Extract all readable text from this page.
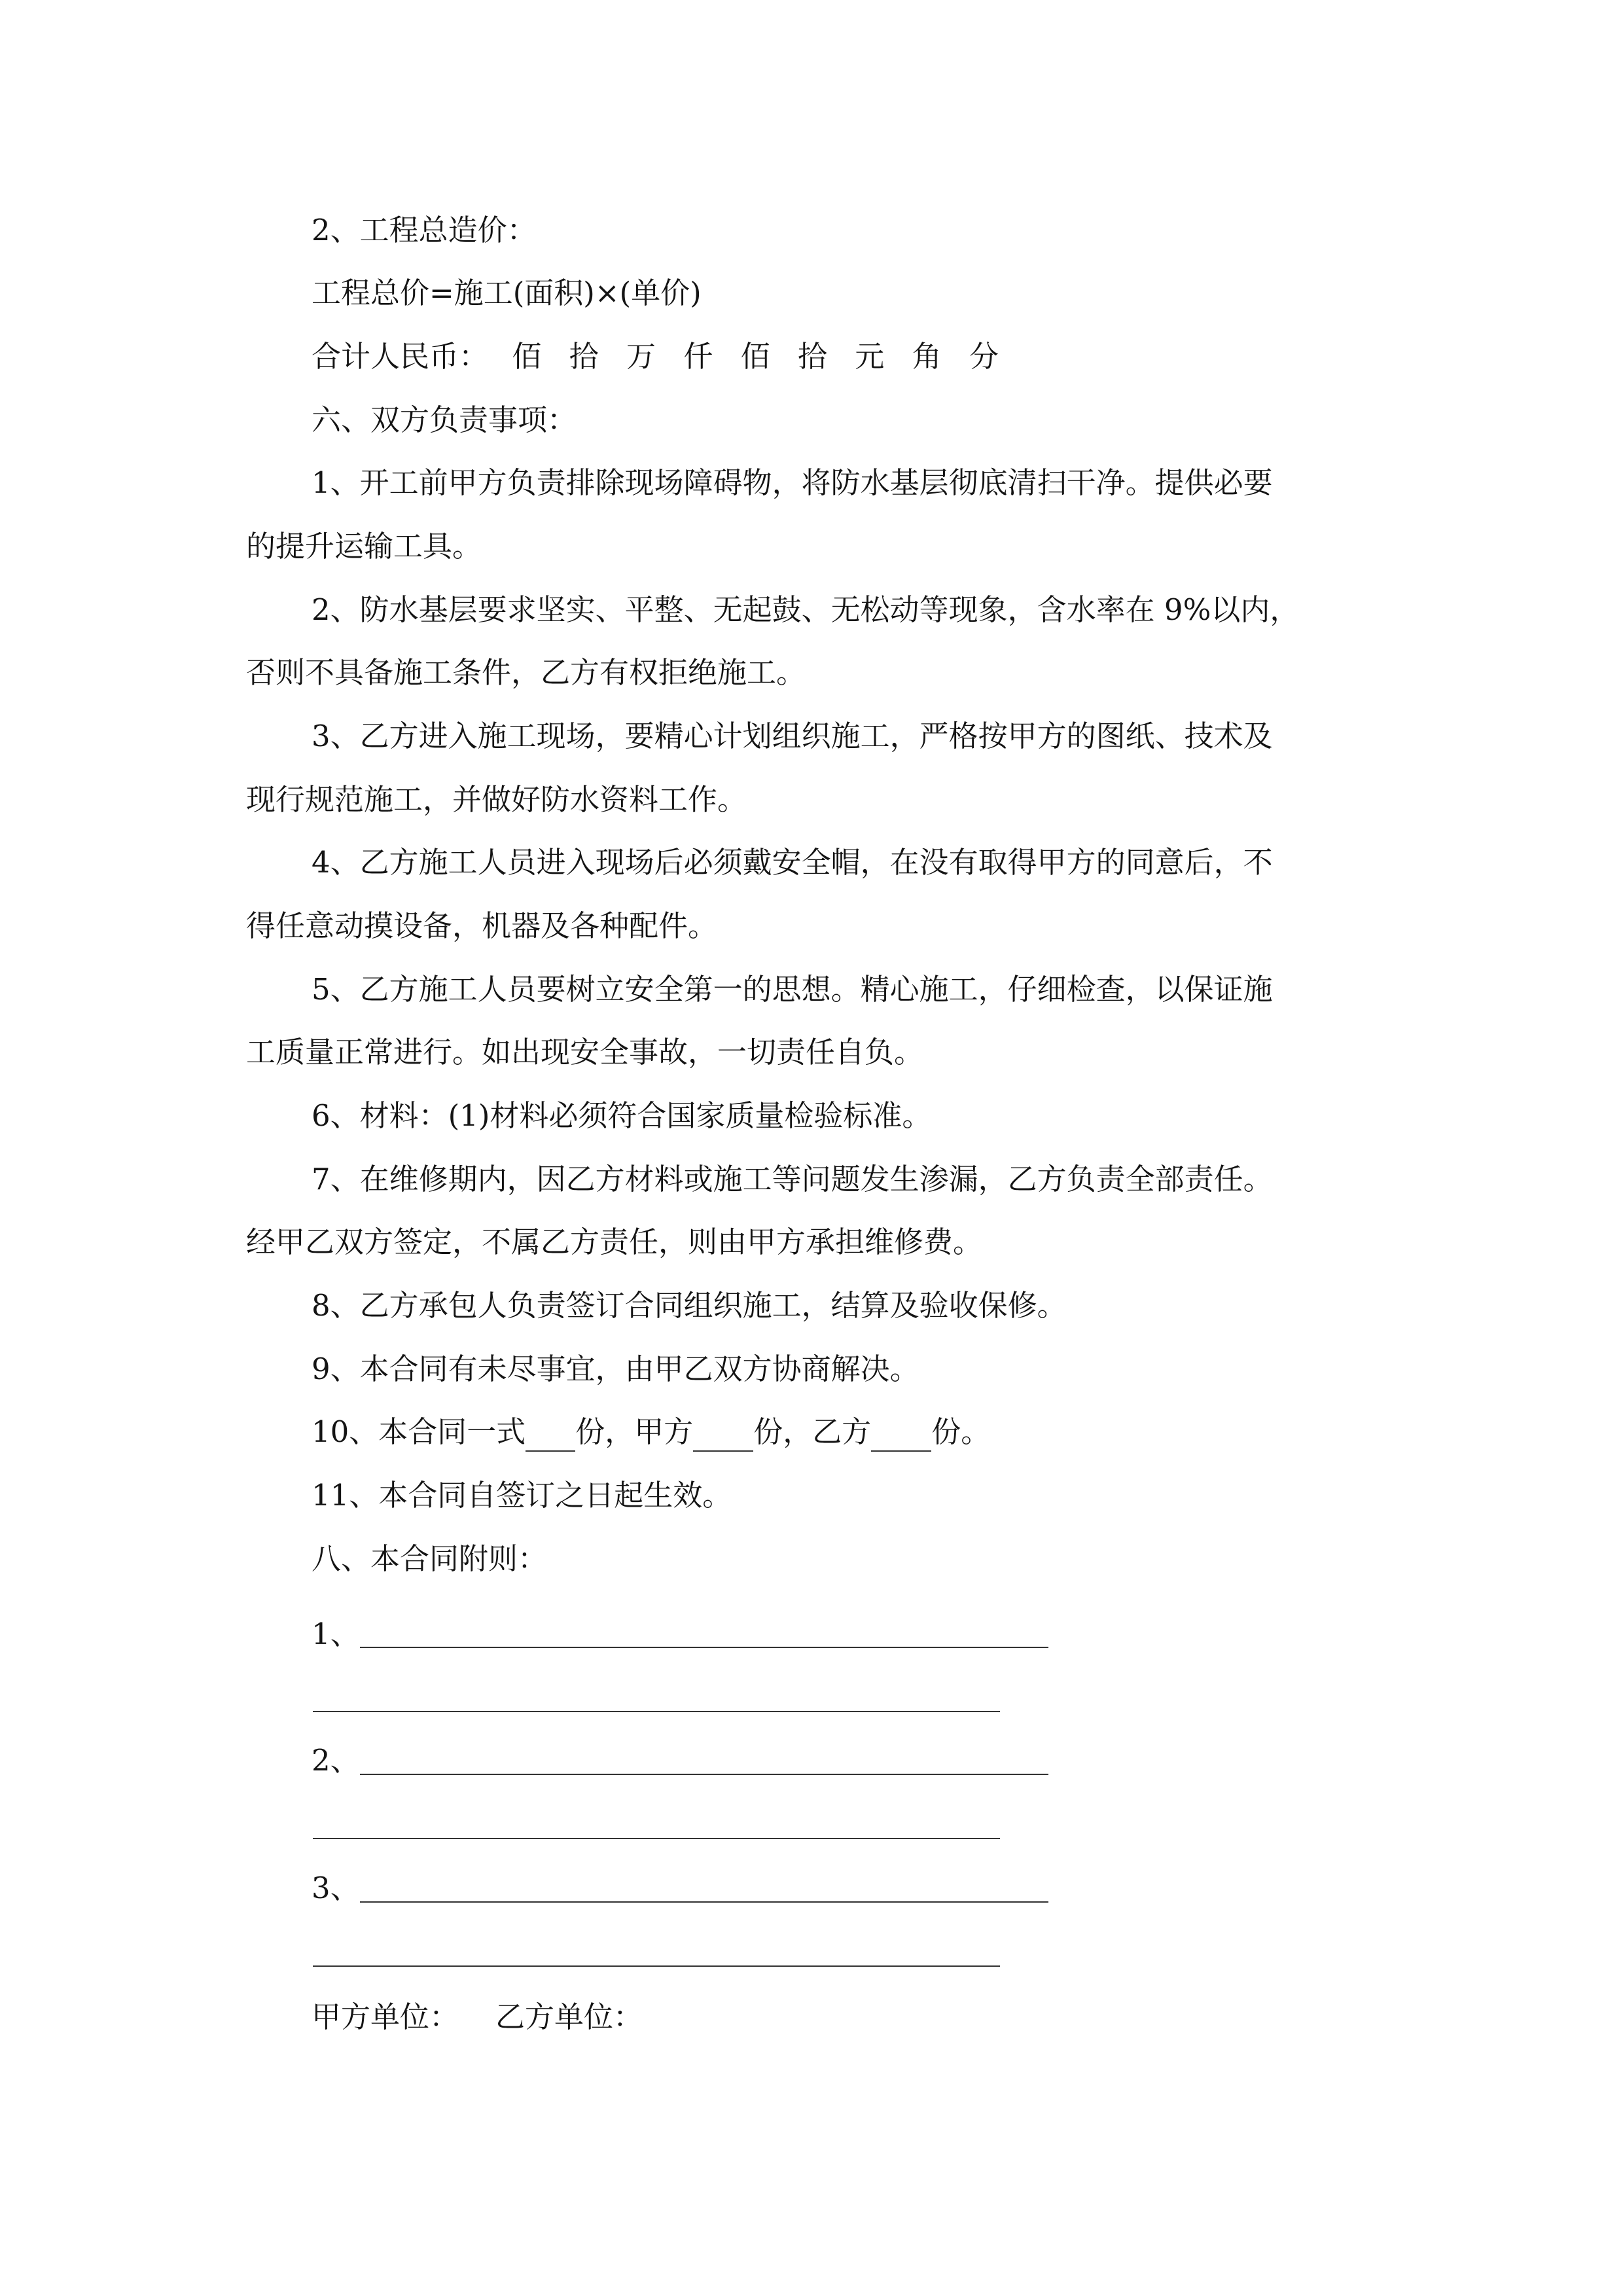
2、工程总造价：
工程总价=施工(面积)×(单价)
合计人民币： 佰 拾 万 仟 佰 拾 元 角 分
六、双方负责事项：
1、开工前甲方负责排除现场障碍物，将防水基层彻底清扫干净。提供必要
的提升运输工具。
2、防水基层要求坚实、平整、无起鼓、无松动等现象，含水率在 9%以内，
否则不具备施工条件，乙方有权拒绝施工。
3、乙方进入施工现场，要精心计划组织施工，严格按甲方的图纸、技术及
现行规范施工，并做好防水资料工作。
4、乙方施工人员进入现场后必须戴安全帽，在没有取得甲方的同意后，不
得任意动摸设备，机器及各种配件。
5、乙方施工人员要树立安全第一的思想。精心施工，仔细检查，以保证施
工质量正常进行。如出现安全事故，一切责任自负。
6、材料：(1)材料必须符合国家质量检验标准。
7、在维修期内，因乙方材料或施工等问题发生渗漏，乙方负责全部责任。
经甲乙双方签定，不属乙方责任，则由甲方承担维修费。
8、乙方承包人负责签订合同组织施工，结算及验收保修。
9、本合同有未尽事宜，由甲乙双方协商解决。
10、本合同一式 份，甲方 份，乙方 份。
11、本合同自签订之日起生效。
八、本合同附则：
1、
2、
3、
甲方单位： 乙方单位：
